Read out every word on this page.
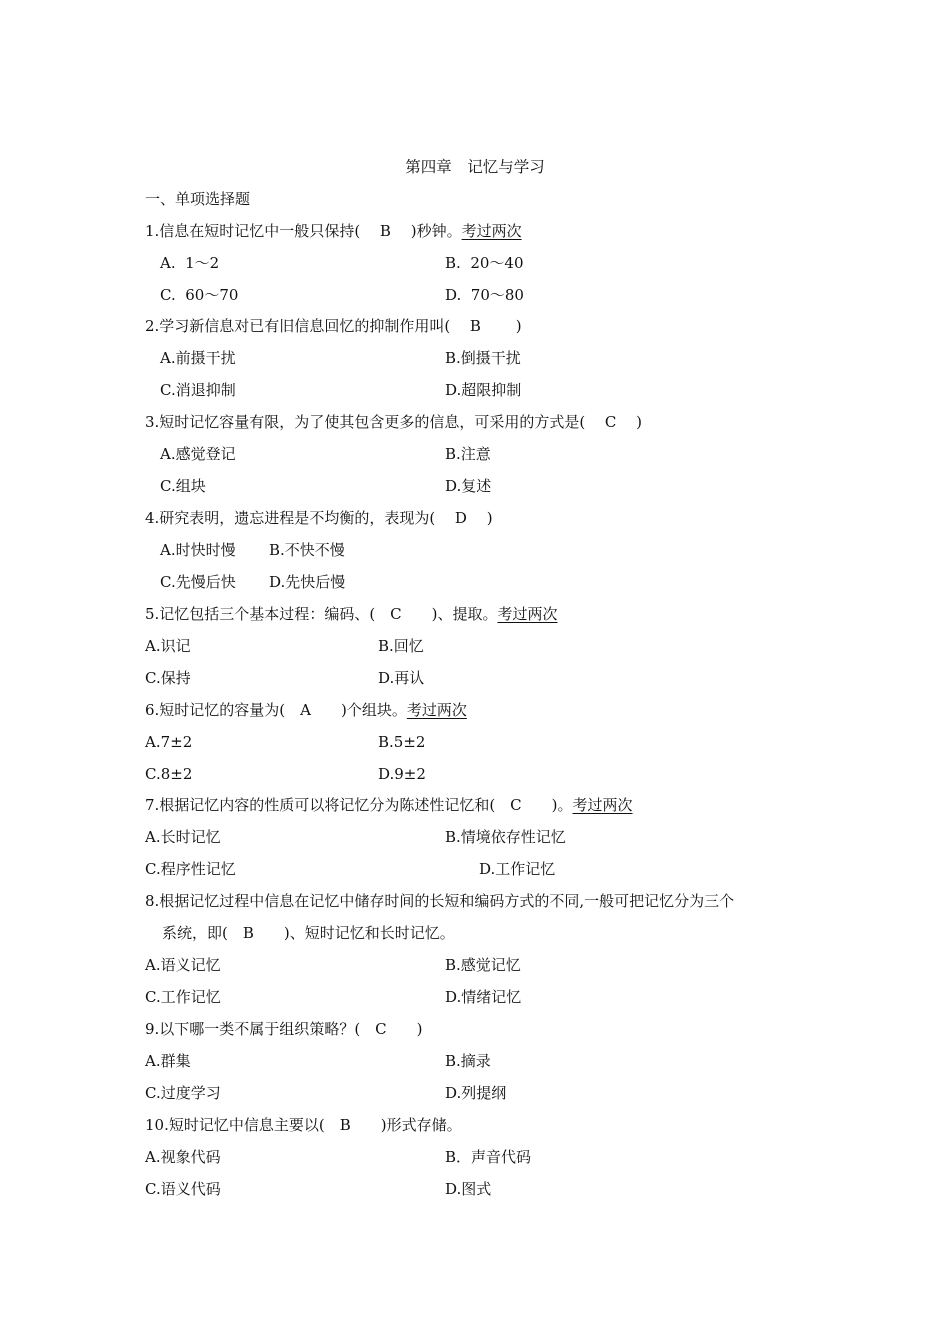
第四章　记忆与学习
一、单项选择题
1.信息在短时记忆中一般只保持(　 B　 )秒钟。考过两次
A.  1～2	B.  20～40
C.  60～70	D.  70～80
2.学习新信息对已有旧信息回忆的抑制作用叫( 　B　 　)
A.前摄干扰	B.倒摄干扰
C.消退抑制	D.超限抑制
3.短时记忆容量有限，为了使其包含更多的信息，可采用的方式是(　 C　 )
A.感觉登记	B.注意
C.组块	D.复述
4.研究表明，遗忘进程是不均衡的，表现为(　 D　 )
A.时快时慢 B.不快不慢
C.先慢后快 D.先快后慢
5.记忆包括三个基本过程：编码、(　C　　)、提取。考过两次
A.识记	B.回忆
C.保持	D.再认
6.短时记忆的容量为(　A　　)个组块。考过两次
A.7±2	B.5±2
C.8±2	D.9±2
7.根据记忆内容的性质可以将记忆分为陈述性记忆和(　C　　)。考过两次
A.长时记忆	B.情境依存性记忆
C.程序性记忆	D.工作记忆
8.根据记忆过程中信息在记忆中储存时间的长短和编码方式的不同,一般可把记忆分为三个
系统，即(　B　　)、短时记忆和长时记忆。
A.语义记忆	B.感觉记忆
C.工作记忆	D.情绪记忆
9.以下哪一类不属于组织策略？(　C　　)
A.群集	B.摘录
C.过度学习	D.列提纲
10.短时记忆中信息主要以(　B　　)形式存储。
A.视象代码	B．声音代码
C.语义代码	D.图式
